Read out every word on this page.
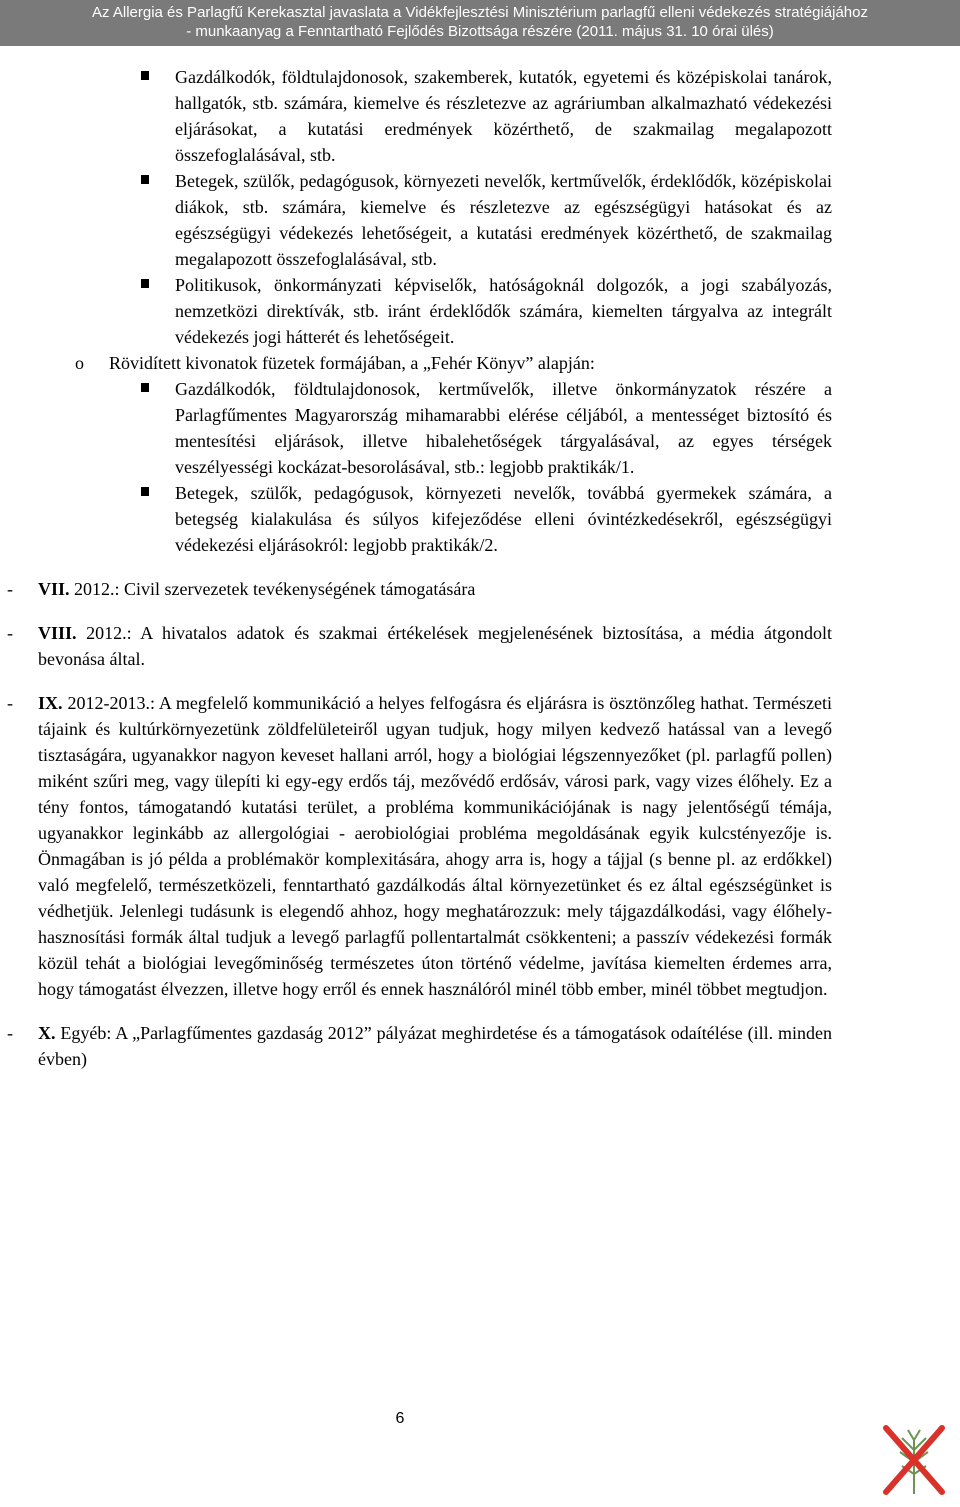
Az Allergia és Parlagfű Kerekasztal javaslata a Vidékfejlesztési Minisztérium parlagfű elleni védekezés stratégiájához
- munkaanyag a Fenntartható Fejlődés Bizottsága részére (2011. május 31. 10 órai ülés)

Gazdálkodók, földtulajdonosok, szakemberek, kutatók, egyetemi és középiskolai tanárok, hallgatók, stb. számára, kiemelve és részletezve az agráriumban alkalmazható védekezési eljárásokat, a kutatási eredmények közérthető, de szakmailag megalapozott összefoglalásával, stb.

Betegek, szülők, pedagógusok, környezeti nevelők, kertművelők, érdeklődők, középiskolai diákok, stb. számára, kiemelve és részletezve az egészségügyi hatásokat és az egészségügyi védekezés lehetőségeit, a kutatási eredmények közérthető, de szakmailag megalapozott összefoglalásával, stb.

Politikusok, önkormányzati képviselők, hatóságoknál dolgozók, a jogi szabályozás, nemzetközi direktívák, stb. iránt érdeklődők számára, kiemelten tárgyalva az integrált védekezés jogi hátterét és lehetőségeit.

o Rövidített kivonatok füzetek formájában, a „Fehér Könyv” alapján:

Gazdálkodók, földtulajdonosok, kertművelők, illetve önkormányzatok részére a Parlagfűmentes Magyarország mihamarabbi elérése céljából, a mentességet biztosító és mentesítési eljárások, illetve hibalehetőségek tárgyalásával, az egyes térségek veszélyességi kockázat-besorolásával, stb.: legjobb praktikák/1.

Betegek, szülők, pedagógusok, környezeti nevelők, továbbá gyermekek számára, a betegség kialakulása és súlyos kifejeződése elleni óvintézkedésekről, egészségügyi védekezési eljárásokról: legjobb praktikák/2.

-	VII. 2012.: Civil szervezetek tevékenységének támogatására

-	VIII. 2012.: A hivatalos adatok és szakmai értékelések megjelenésének biztosítása, a média átgondolt bevonása által.

-	IX. 2012-2013.: A megfelelő kommunikáció a helyes felfogásra és eljárásra is ösztönzőleg hathat. Természeti tájaink és kultúrkörnyezetünk zöldfelületeiről ugyan tudjuk, hogy milyen kedvező hatással van a levegő tisztaságára, ugyanakkor nagyon keveset hallani arról, hogy a biológiai légszennyezőket (pl. parlagfű pollen) miként szűri meg, vagy ülepíti ki egy-egy erdős táj, mezővédő erdősáv, városi park, vagy vizes élőhely. Ez a tény fontos, támogatandó kutatási terület, a probléma kommunikációjának is nagy jelentőségű témája, ugyanakkor leginkább az allergológiai - aerobiológiai probléma megoldásának egyik kulcstényezője is. Önmagában is jó példa a problémakör komplexitására, ahogy arra is, hogy a tájjal (s benne pl. az erdőkkel) való megfelelő, természetközeli, fenntartható gazdálkodás által környezetünket és ez által egészségünket is védhetjük. Jelenlegi tudásunk is elegendő ahhoz, hogy meghatározzuk: mely tájgazdálkodási, vagy élőhely-hasznosítási formák által tudjuk a levegő parlagfű pollentartalmát csökkenteni; a passzív védekezési formák közül tehát a biológiai levegőminőség természetes úton történő védelme, javítása kiemelten érdemes arra, hogy támogatást élvezzen, illetve hogy erről és ennek használóról minél több ember, minél többet megtudjon.

-	X. Egyéb: A „Parlagfűmentes gazdaság 2012” pályázat meghirdetése és a támogatások odaítélése (ill. minden évben)

6
